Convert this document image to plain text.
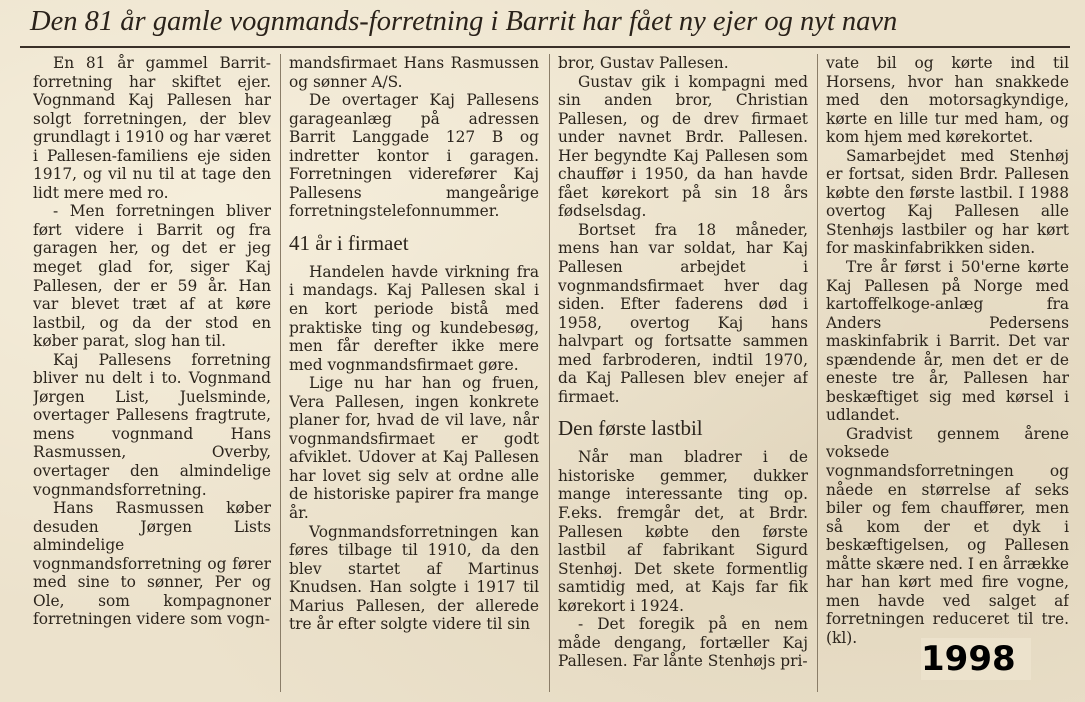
Den 81 år gamle vognmands-forretning i Barrit har fået ny ejer og nyt navn

En 81 år gammel Barrit-forretning har skiftet ejer. Vognmand Kaj Pallesen har solgt forretningen, der blev grundlagt i 1910 og har været i Pallesen-familiens eje siden 1917, og vil nu til at tage den lidt mere med ro.

- Men forretningen bliver ført videre i Barrit og fra garagen her, og det er jeg meget glad for, siger Kaj Pallesen, der er 59 år. Han var blevet træt af at køre lastbil, og da der stod en køber parat, slog han til.

Kaj Pallesens forretning bliver nu delt i to. Vognmand Jørgen List, Juelsminde, overtager Pallesens fragtrute, mens vognmand Hans Rasmussen, Overby, overtager den almindelige vognmandsforretning.

Hans Rasmussen køber desuden Jørgen Lists almindelige vognmandsforretning og fører med sine to sønner, Per og Ole, som kompagnoner forretningen videre som vogn-

mandsfirmaet Hans Rasmussen og sønner A/S.

De overtager Kaj Pallesens garageanlæg på adressen Barrit Langgade 127 B og indretter kontor i garagen. Forretningen viderefører Kaj Pallesens mangeårige forretningstelefonnummer.

41 år i firmaet

Handelen havde virkning fra i mandags. Kaj Pallesen skal i en kort periode bistå med praktiske ting og kundebesøg, men får derefter ikke mere med vognmandsfirmaet gøre.

Lige nu har han og fruen, Vera Pallesen, ingen konkrete planer for, hvad de vil lave, når vognmandsfirmaet er godt afviklet. Udover at Kaj Pallesen har lovet sig selv at ordne alle de historiske papirer fra mange år.

Vognmandsforretningen kan føres tilbage til 1910, da den blev startet af Martinus Knudsen. Han solgte i 1917 til Marius Pallesen, der allerede tre år efter solgte videre til sin

bror, Gustav Pallesen.

Gustav gik i kompagni med sin anden bror, Christian Pallesen, og de drev firmaet under navnet Brdr. Pallesen. Her begyndte Kaj Pallesen som chauffør i 1950, da han havde fået kørekort på sin 18 års fødselsdag.

Bortset fra 18 måneder, mens han var soldat, har Kaj Pallesen arbejdet i vognmandsfirmaet hver dag siden. Efter faderens død i 1958, overtog Kaj hans halvpart og fortsatte sammen med farbroderen, indtil 1970, da Kaj Pallesen blev enejer af firmaet.

Den første lastbil

Når man bladrer i de historiske gemmer, dukker mange interessante ting op. F.eks. fremgår det, at Brdr. Pallesen købte den første lastbil af fabrikant Sigurd Stenhøj. Det skete formentlig samtidig med, at Kajs far fik kørekort i 1924.

- Det foregik på en nem måde dengang, fortæller Kaj Pallesen. Far lånte Stenhøjs pri-

vate bil og kørte ind til Horsens, hvor han snakkede med den motorsagkyndige, kørte en lille tur med ham, og kom hjem med kørekortet.

Samarbejdet med Stenhøj er fortsat, siden Brdr. Pallesen købte den første lastbil. I 1988 overtog Kaj Pallesen alle Stenhøjs lastbiler og har kørt for maskinfabrikken siden.

Tre år først i 50'erne kørte Kaj Pallesen på Norge med kartoffelkoge-anlæg fra Anders Pedersens maskinfabrik i Barrit. Det var spændende år, men det er de eneste tre år, Pallesen har beskæftiget sig med kørsel i udlandet.

Gradvist gennem årene voksede vognmandsforretningen og nåede en størrelse af seks biler og fem chauffører, men så kom der et dyk i beskæftigelsen, og Pallesen måtte skære ned. I en årrække har han kørt med fire vogne, men havde ved salget af forretningen reduceret til tre. (kl).

1998
